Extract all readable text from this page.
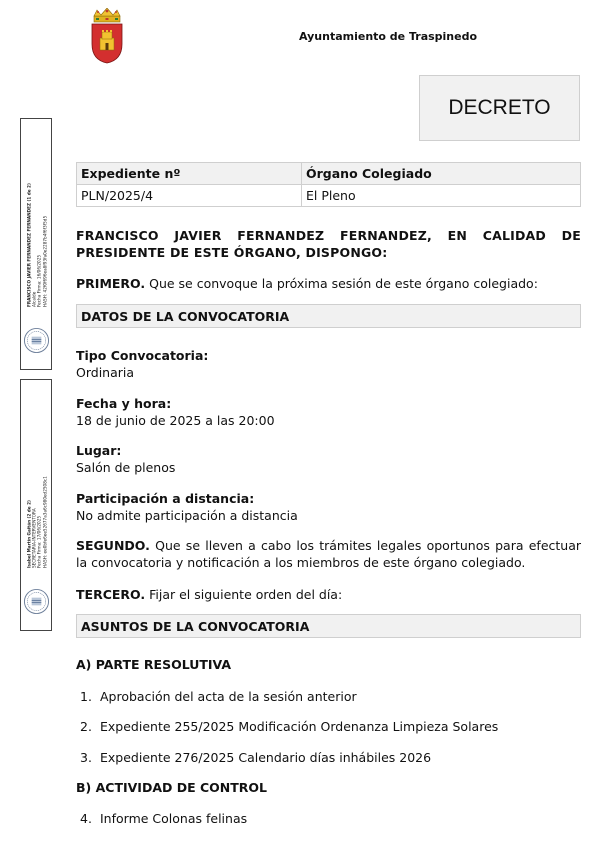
FRANCISCO JAVIER FERNANDEZ FERNANDEZ (1 de 2) Alcalde Fecha Firma: 16/06/2025 HASH: 42f0f696ea8f93fa0e2287b4f6f3f5d5
Isabel Martín Gaitán (2 de 2) SECRETARIA-INTERVENTORA Fecha Firma: 17/06/2025 HASH: ee0bfe6ee52677a3a6c980ed2508c1
Ayuntamiento de Traspinedo
DECRETO
Expediente nº	Órgano Colegiado
PLN/2025/4	El Pleno
FRANCISCO JAVIER FERNANDEZ FERNANDEZ, EN CALIDAD DE PRESIDENTE DE ESTE ÓRGANO, DISPONGO:
PRIMERO. Que se convoque la próxima sesión de este órgano colegiado:
DATOS DE LA CONVOCATORIA
Tipo Convocatoria:
Ordinaria
Fecha y hora:
18 de junio de 2025 a las 20:00
Lugar:
Salón de plenos
Participación a distancia:
No admite participación a distancia
SEGUNDO. Que se lleven a cabo los trámites legales oportunos para efectuar la convocatoria y notificación a los miembros de este órgano colegiado.
TERCERO. Fijar el siguiente orden del día:
ASUNTOS DE LA CONVOCATORIA
A) PARTE RESOLUTIVA
1. Aprobación del acta de la sesión anterior
2. Expediente 255/2025 Modificación Ordenanza Limpieza Solares
3. Expediente 276/2025 Calendario días inhábiles 2026
B) ACTIVIDAD DE CONTROL
4. Informe Colonas felinas
